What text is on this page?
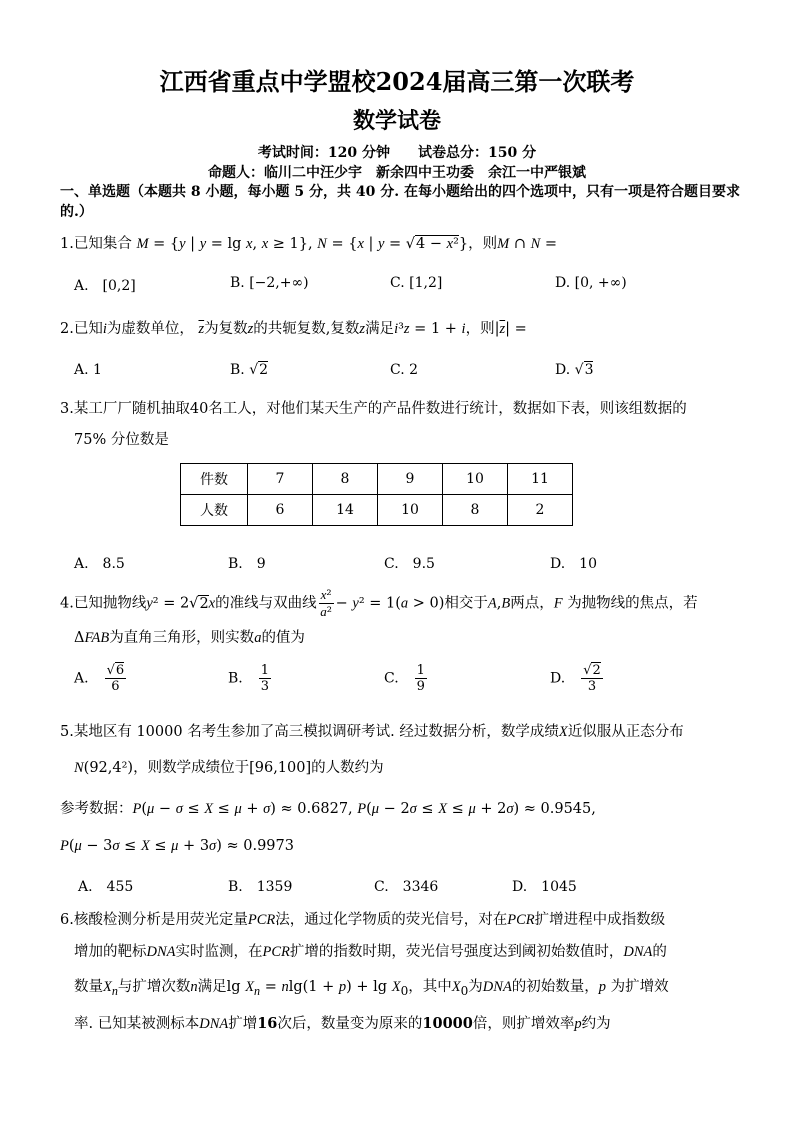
江西省重点中学盟校2024届高三第一次联考
数学试卷
考试时间：120 分钟　　试卷总分：150 分
命题人：临川二中汪少宇　新余四中王功委　余江一中严银斌
一、单选题（本题共 8 小题，每小题 5 分，共 40 分. 在每小题给出的四个选项中，只有一项是符合题目要求的.）
1.已知集合 M = {y | y = lg x, x ≥ 1}, N = {x | y = √4 − x²}，则M ∩ N =
A.　[0,2]	B. [−2,+∞)	C. [1,2]	D. [0, +∞)
2.已知i为虚数单位， $\overline{z}$为复数z的共轭复数,复数z满足i³z = 1 + i，则$|\overline{z}|$ =
A. 1	B. √2	C. 2	D. √3
3.某工厂厂随机抽取40名工人，对他们某天生产的产品件数进行统计，数据如下表，则该组数据的
75% 分位数是
件数	7	8	9	10	11
人数	6	14	10	8	2
A.　8.5	B.　9	C.　9.5	D.　10
4.已知抛物线y² = 2√2x的准线与双曲线 $\frac{\text{x²}}{\text{a²}} - y^2 = 1(a > 0)$相交于A,B两点，F 为抛物线的焦点，若
ΔFAB为直角三角形，则实数a的值为
A.　 $\frac{√6}{6}$	B.　 $\frac{1}{3}$	C.　 $\frac{1}{9}$	D.　 $\frac{√2}{3}$
5.某地区有 10000 名考生参加了高三模拟调研考试. 经过数据分析，数学成绩X近似服从正态分布
N(92,4²)，则数学成绩位于[96,100]的人数约为
参考数据：P(μ − σ ≤ X ≤ μ + σ) ≈ 0.6827, P(μ − 2σ ≤ X ≤ μ + 2σ) ≈ 0.9545,
P(μ − 3σ ≤ X ≤ μ + 3σ) ≈ 0.9973
A.　455	B.　1359	C.　3346	D.　1045
6.核酸检测分析是用荧光定量PCR法，通过化学物质的荧光信号，对在PCR扩增进程中成指数级
增加的靶标DNA实时监测，在PCR扩增的指数时期，荧光信号强度达到阈初始数值时，DNA的
数量$X_n$与扩增次数n满足$\lg X_n = nlg(1 + p) + \lg X_0$，其中$X_0$为DNA的初始数量，p 为扩增效
率. 已知某被测标本DNA扩增16次后，数量变为原来的10000倍，则扩增效率p约为
